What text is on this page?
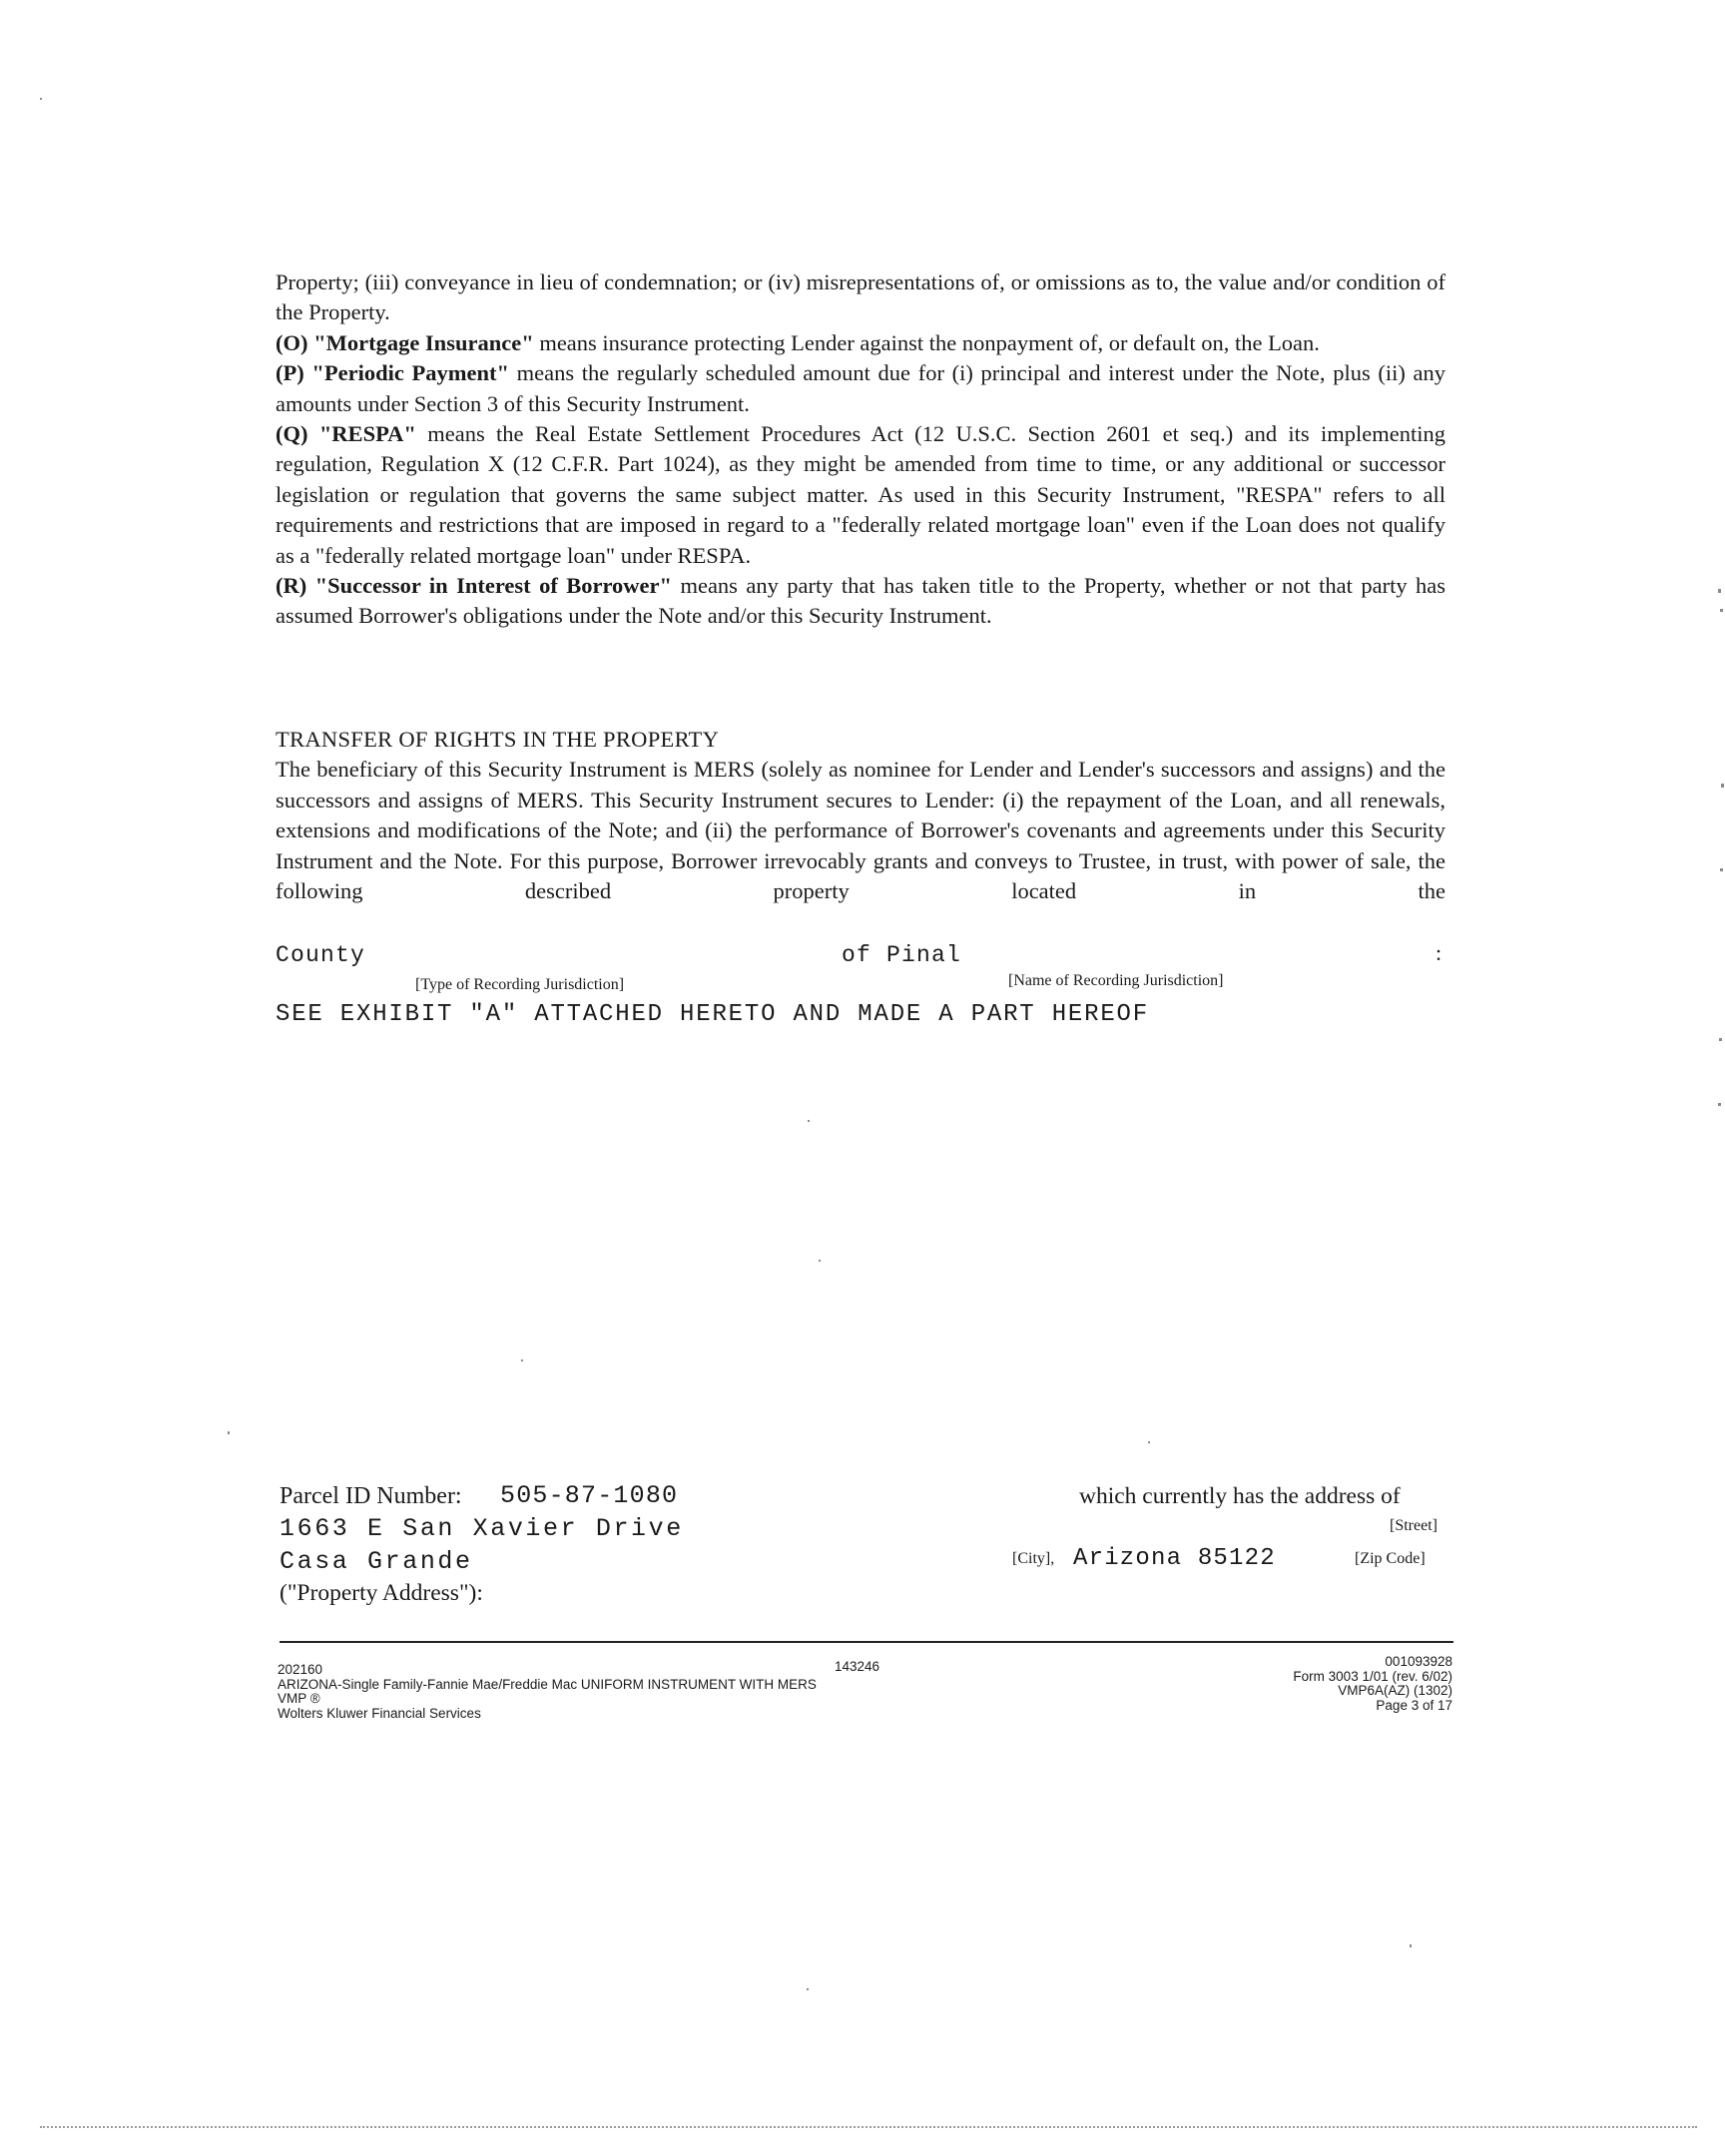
Property; (iii) conveyance in lieu of condemnation; or (iv) misrepresentations of, or omissions as to, the value and/or condition of the Property.

(O) "Mortgage Insurance" means insurance protecting Lender against the nonpayment of, or default on, the Loan.

(P) "Periodic Payment" means the regularly scheduled amount due for (i) principal and interest under the Note, plus (ii) any amounts under Section 3 of this Security Instrument.

(Q) "RESPA" means the Real Estate Settlement Procedures Act (12 U.S.C. Section 2601 et seq.) and its implementing regulation, Regulation X (12 C.F.R. Part 1024), as they might be amended from time to time, or any additional or successor legislation or regulation that governs the same subject matter. As used in this Security Instrument, "RESPA" refers to all requirements and restrictions that are imposed in regard to a "federally related mortgage loan" even if the Loan does not qualify as a "federally related mortgage loan" under RESPA.

(R) "Successor in Interest of Borrower" means any party that has taken title to the Property, whether or not that party has assumed Borrower's obligations under the Note and/or this Security Instrument.

TRANSFER OF RIGHTS IN THE PROPERTY

The beneficiary of this Security Instrument is MERS (solely as nominee for Lender and Lender's successors and assigns) and the successors and assigns of MERS. This Security Instrument secures to Lender: (i) the repayment of the Loan, and all renewals, extensions and modifications of the Note; and (ii) the performance of Borrower's covenants and agreements under this Security Instrument and the Note. For this purpose, Borrower irrevocably grants and conveys to Trustee, in trust, with power of sale, the following described property located in the

County	of Pinal	:
[Type of Recording Jurisdiction]	[Name of Recording Jurisdiction]
SEE EXHIBIT "A" ATTACHED HERETO AND MADE A PART HEREOF
Parcel ID Number: 505-87-1080
1663 E San Xavier Drive
Casa Grande
("Property Address"):
which currently has the address of
[Street]
[City], Arizona 85122	[Zip Code]
202160
ARIZONA-Single Family-Fannie Mae/Freddie Mac UNIFORM INSTRUMENT WITH MERS
VMP ®
Wolters Kluwer Financial Services
143246	001093928
Form 3003 1/01 (rev. 6/02)
VMP6A(AZ) (1302)
Page 3 of 17
